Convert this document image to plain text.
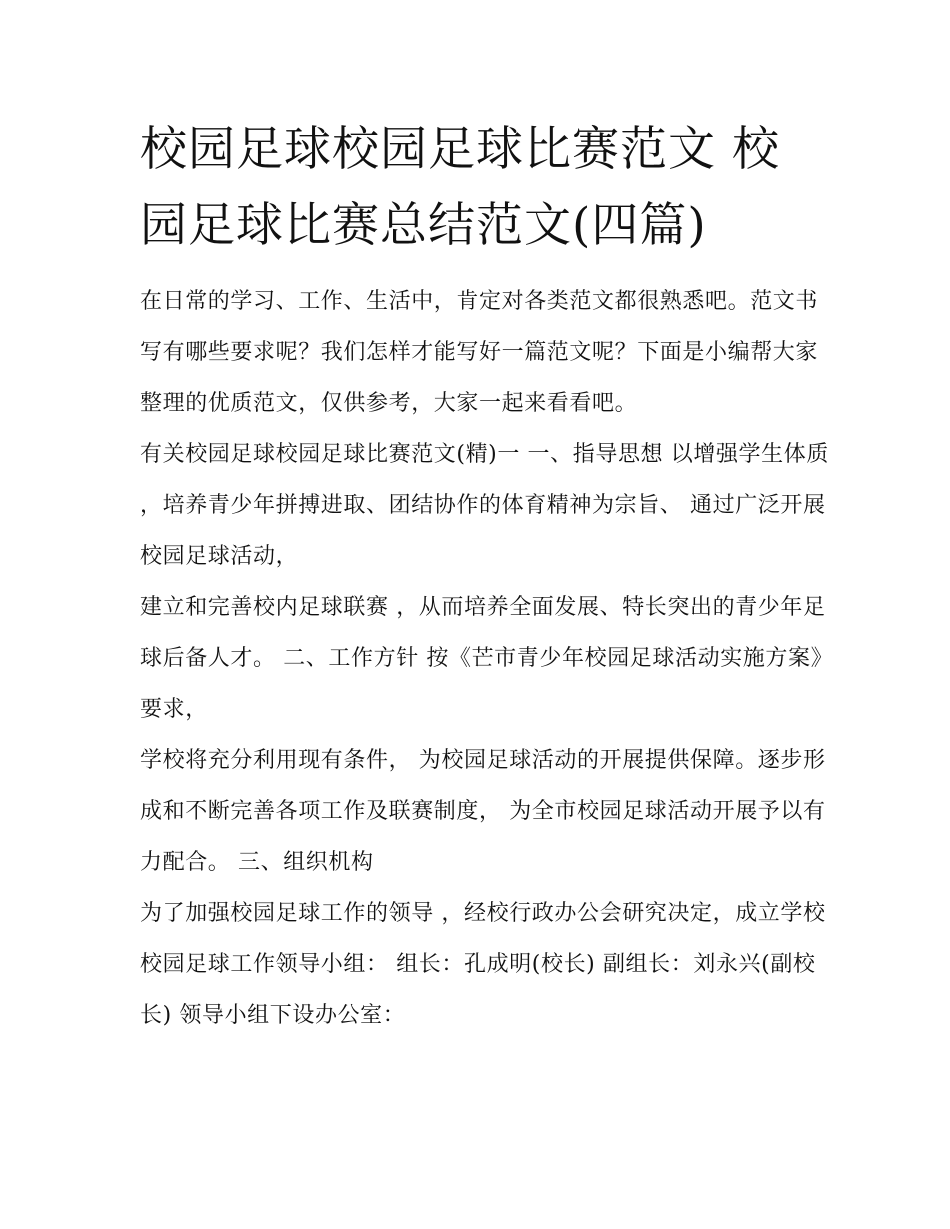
校园足球校园足球比赛范文 校园足球比赛总结范文(四篇)

在日常的学习、工作、生活中，肯定对各类范文都很熟悉吧。范文书写有哪些要求呢？我们怎样才能写好一篇范文呢？下面是小编帮大家整理的优质范文，仅供参考，大家一起来看看吧。

有关校园足球校园足球比赛范文(精)一 一、指导思想 以增强学生体质 ，培养青少年拼搏进取、团结协作的体育精神为宗旨、 通过广泛开展校园足球活动，

建立和完善校内足球联赛 ，从而培养全面发展、特长突出的青少年足球后备人才。 二、工作方针 按《芒市青少年校园足球活动实施方案》要求，

学校将充分利用现有条件， 为校园足球活动的开展提供保障。逐步形成和不断完善各项工作及联赛制度， 为全市校园足球活动开展予以有力配合。 三、组织机构

为了加强校园足球工作的领导 ，经校行政办公会研究决定，成立学校校园足球工作领导小组： 组长：孔成明(校长) 副组长：刘永兴(副校长) 领导小组下设办公室：
